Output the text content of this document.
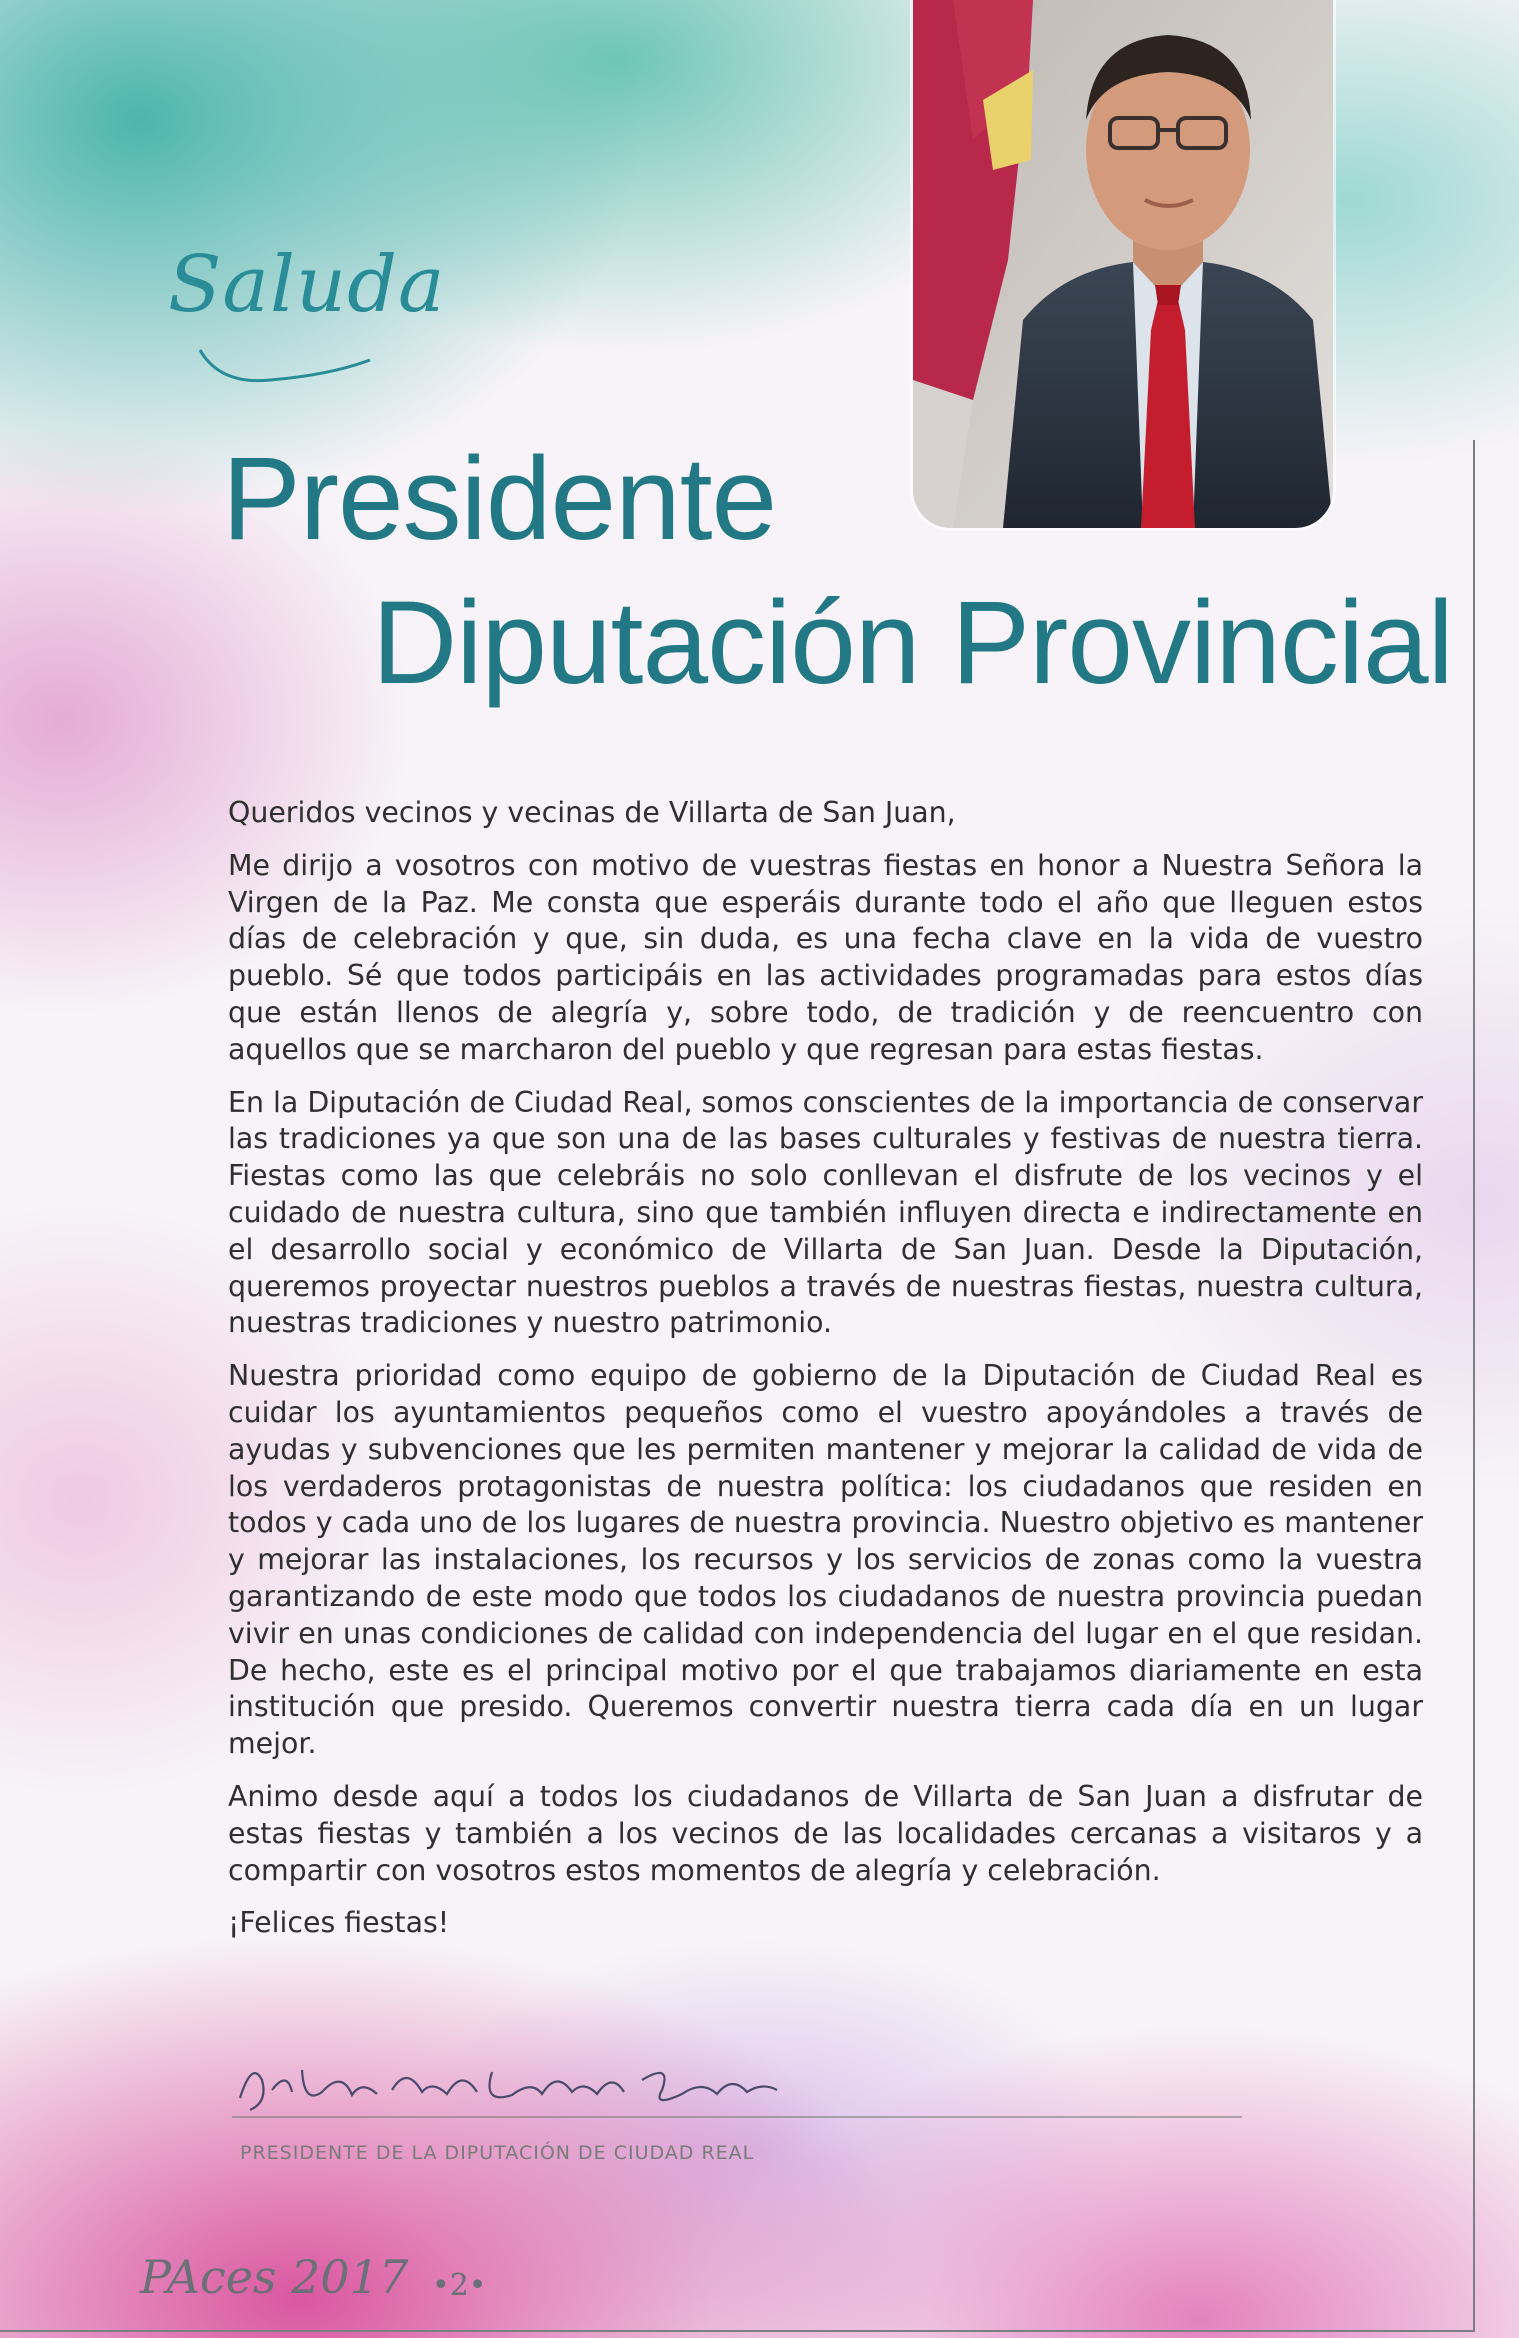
Saluda
Presidente
Diputación Provincial

Queridos vecinos y vecinas de Villarta de San Juan,

Me dirijo a vosotros con motivo de vuestras fiestas en honor a Nuestra Señora la Virgen de la Paz. Me consta que esperáis durante todo el año que lleguen estos días de celebración y que, sin duda, es una fecha clave en la vida de vuestro pueblo. Sé que todos participáis en las actividades programadas para estos días que están llenos de alegría y, sobre todo, de tradición y de reencuentro con aquellos que se marcharon del pueblo y que regresan para estas fiestas.

En la Diputación de Ciudad Real, somos conscientes de la importancia de conservar las tradiciones ya que son una de las bases culturales y festivas de nuestra tierra. Fiestas como las que celebráis no solo conllevan el disfrute de los vecinos y el cuidado de nuestra cultura, sino que también influyen directa e indirectamente en el desarrollo social y económico de Villarta de San Juan. Desde la Diputación, queremos proyectar nuestros pueblos a través de nuestras fiestas, nuestra cultura, nuestras tradiciones y nuestro patrimonio.

Nuestra prioridad como equipo de gobierno de la Diputación de Ciudad Real es cuidar los ayuntamientos pequeños como el vuestro apoyándoles a través de ayudas y subvenciones que les permiten mantener y mejorar la calidad de vida de los verdaderos protagonistas de nuestra política: los ciudadanos que residen en todos y cada uno de los lugares de nuestra provincia. Nuestro objetivo es mantener y mejorar las instalaciones, los recursos y los servicios de zonas como la vuestra garantizando de este modo que todos los ciudadanos de nuestra provincia puedan vivir en unas condiciones de calidad con independencia del lugar en el que residan. De hecho, este es el principal motivo por el que trabajamos diariamente en esta institución que presido. Queremos convertir nuestra tierra cada día en un lugar mejor.

Animo desde aquí a todos los ciudadanos de Villarta de San Juan a disfrutar de estas fiestas y también a los vecinos de las localidades cercanas a visitaros y a compartir con vosotros estos momentos de alegría y celebración.

¡Felices fiestas!

PRESIDENTE DE LA DIPUTACIÓN DE CIUDAD REAL
PAces 2017 •2•
